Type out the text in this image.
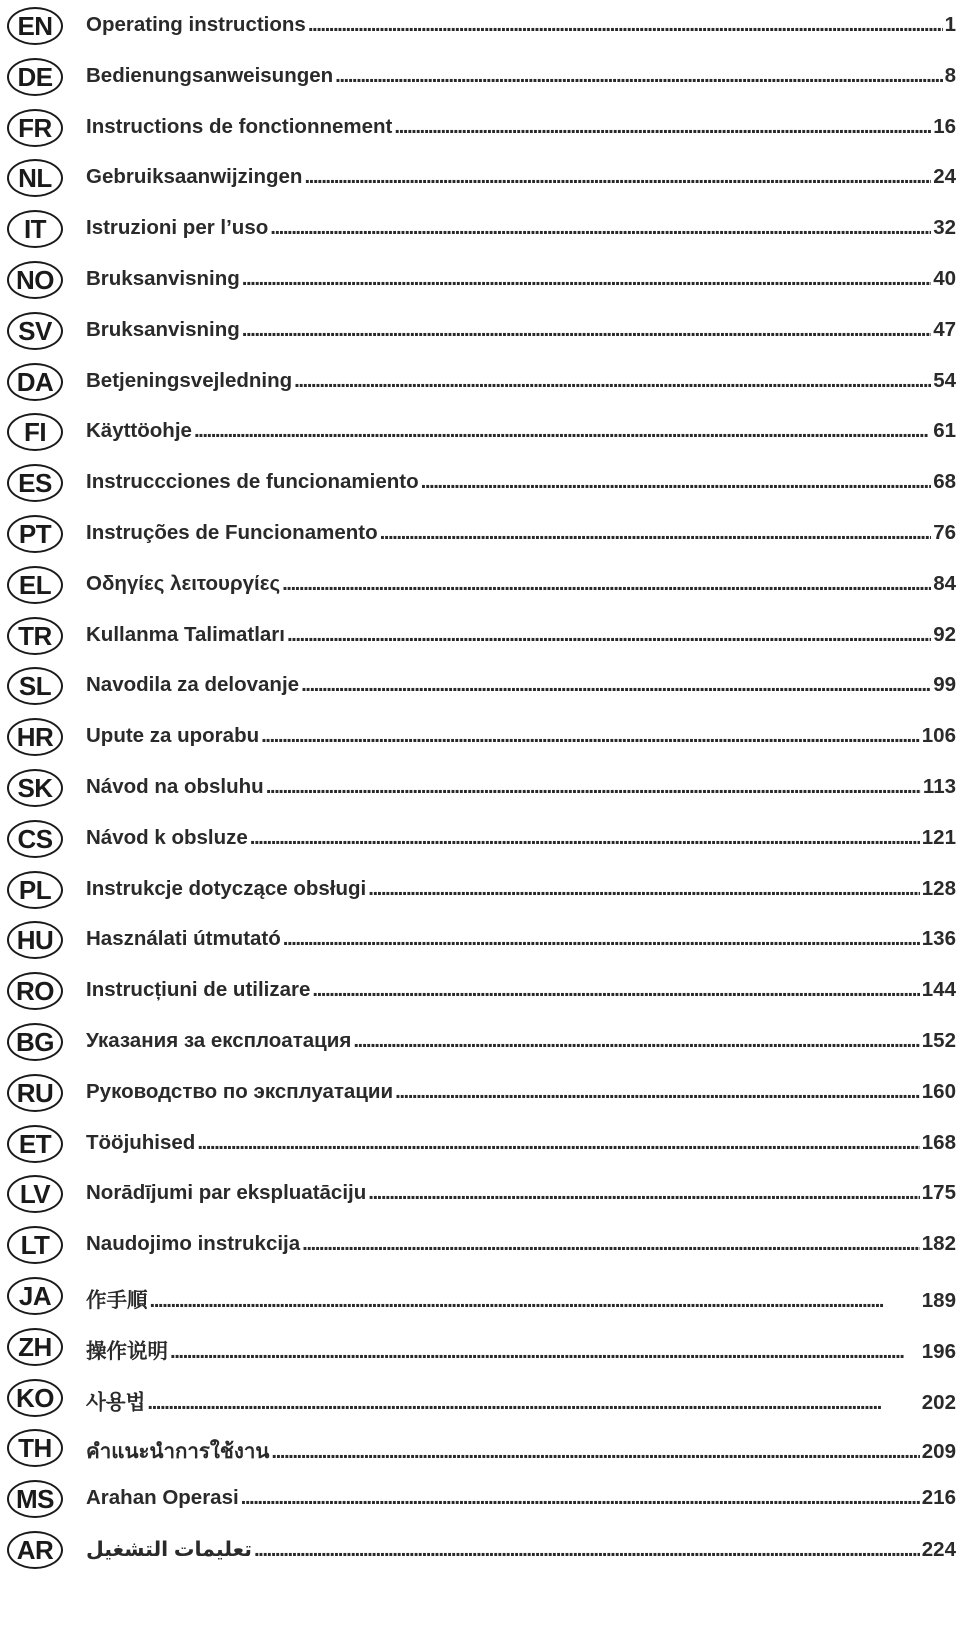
EN	Operating instructions . . .	1
DE	Bedienungsanweisungen . . .	8
FR	Instructions de fonctionnement . . .	16
NL	Gebruiksaanwijzingen . . .	24
IT	Istruzioni per l’uso . . .	32
NO	Bruksanvisning . . .	40
SV	Bruksanvisning . . .	47
DA	Betjeningsvejledning . . .	54
FI	Käyttöohje . . .	61
ES	Instruccciones de funcionamiento . . .	68
PT	Instruções de Funcionamento . . .	76
EL	Οδηγίες λειτουργίες . . .	84
TR	Kullanma Talimatları . . .	92
SL	Navodila za delovanje . . .	99
HR	Upute za uporabu . . .	106
SK	Návod na obsluhu . . .	113
CS	Návod k obsluze . . .	121
PL	Instrukcje dotyczące obsługi . . .	128
HU	Használati útmutató . . .	136
RO	Instrucțiuni de utilizare . . .	144
BG	Указания за експлоатация . . .	152
RU	Руководство по эксплуатации . . .	160
ET	Tööjuhised . . .	168
LV	Norādījumi par ekspluatāciju . . .	175
LT	Naudojimo instrukcija . . .	182
JA	作手順 . . .	189
ZH	操作说明 . . .	196
KO	사용법 . . .	202
TH	คำแนะนำการใช้งาน . . .	209
MS	Arahan Operasi . . .	216
AR	تعليمات التشغيل . . .	224
